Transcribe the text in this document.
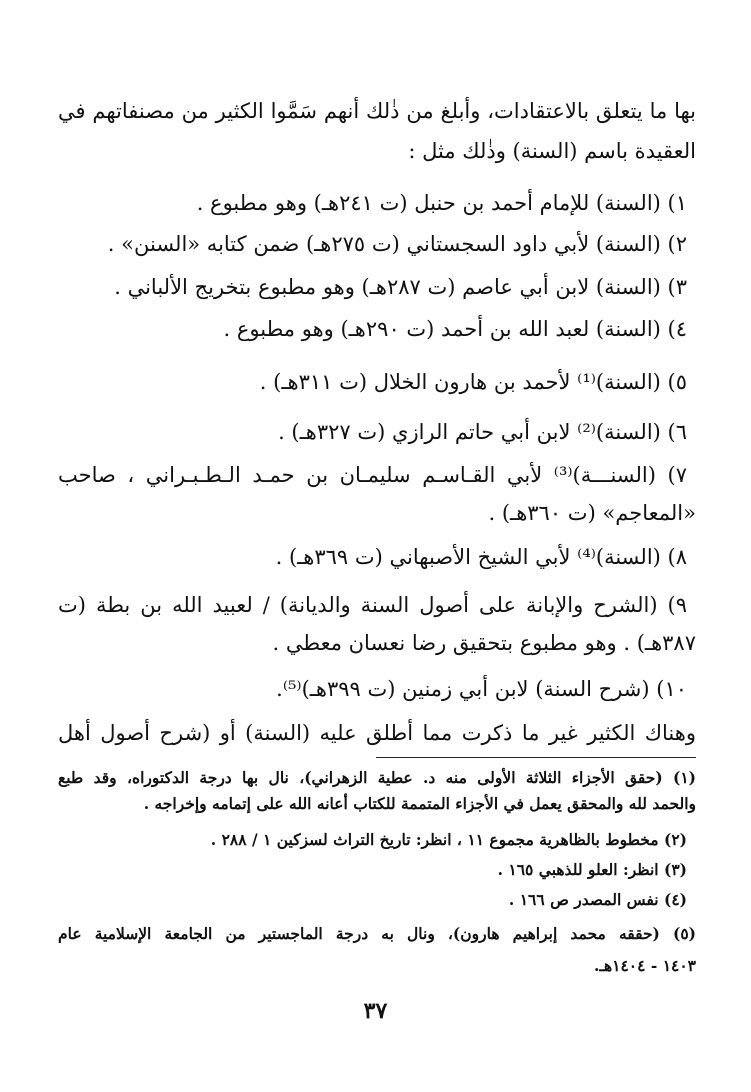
بها ما يتعلق بالاعتقادات، وأبلغ من ذٰلك أنهم سَمَّوا الكثير من مصنفاتهم في
العقيدة باسم (السنة) وذٰلك مثل :
١) (السنة) للإمام أحمد بن حنبل (ت ٢٤١هـ) وهو مطبوع .
٢) (السنة) لأبي داود السجستاني (ت ٢٧٥هـ) ضمن كتابه «السنن» .
٣) (السنة) لابن أبي عاصم (ت ٢٨٧هـ) وهو مطبوع بتخريج الألباني .
٤) (السنة) لعبد الله بن أحمد (ت ٢٩٠هـ) وهو مطبوع .
٥) (السنة)⁽¹⁾ لأحمد بن هارون الخلال (ت ٣١١هـ) .
٦) (السنة)⁽²⁾ لابن أبي حاتم الرازي (ت ٣٢٧هـ) .
٧) (السنـــة)⁽³⁾ لأبي القـاسـم سليمـان بن حمـد الـطـبـراني ، صاحب
«المعاجم» (ت ٣٦٠هـ) .
٨) (السنة)⁽⁴⁾ لأبي الشيخ الأصبهاني (ت ٣٦٩هـ) .
٩) (الشرح والإبانة على أصول السنة والديانة) / لعبيد الله بن بطة (ت
٣٨٧هـ) . وهو مطبوع بتحقيق رضا نعسان معطي .
١٠) (شرح السنة) لابن أبي زمنين (ت ٣٩٩هـ)⁽⁵⁾.
وهناك الكثير غير ما ذكرت مما أطلق عليه (السنة) أو (شرح أصول أهل
(١) (حقق الأجزاء الثلاثة الأولى منه د. عطية الزهراني)، نال بها درجة الدكتوراه، وقد طبع
والحمد لله والمحقق يعمل في الأجزاء المتممة للكتاب أعانه الله على إتمامه وإخراجه .
(٢) مخطوط بالظاهرية مجموع ١١ ، انظر: تاريخ التراث لسزكين ١ / ٢٨٨ .
(٣) انظر: العلو للذهبي ١٦٥ .
(٤) نفس المصدر ص ١٦٦ .
(٥) (حققه محمد إبراهيم هارون)، ونال به درجة الماجستير من الجامعة الإسلامية عام
١٤٠٣ - ١٤٠٤هـ.
٣٧
